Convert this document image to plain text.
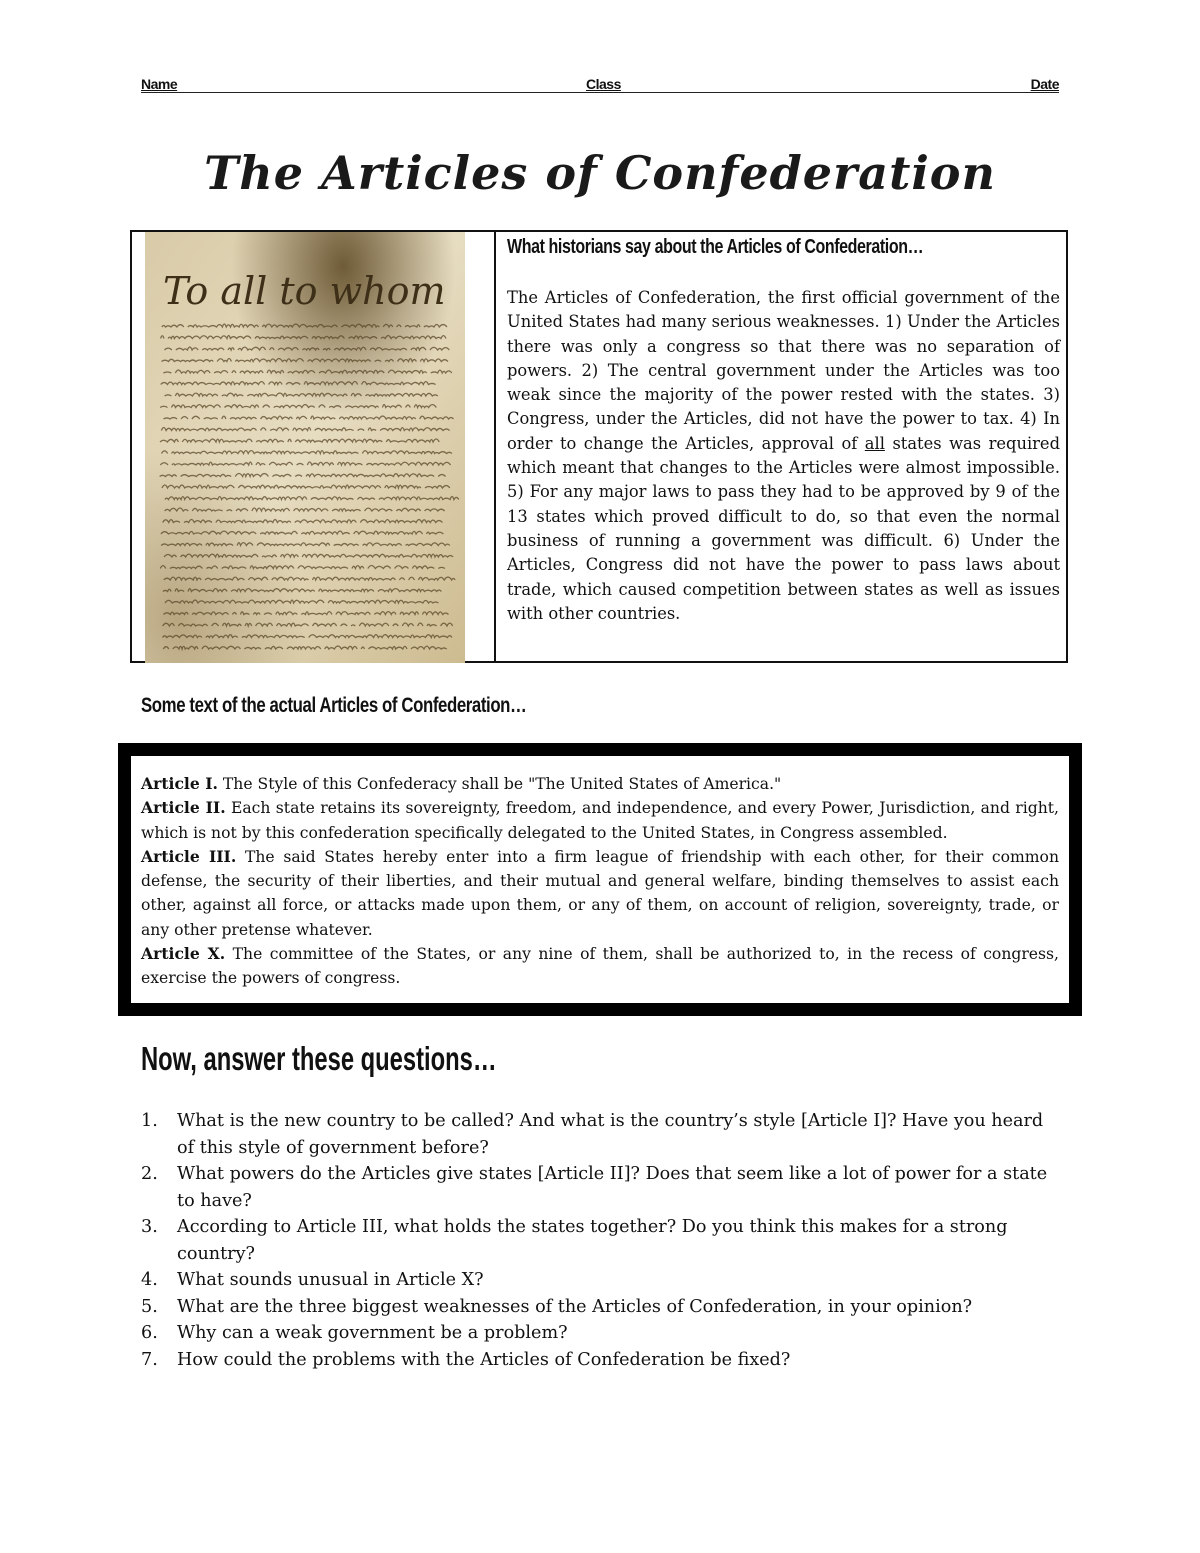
Name	Class	Date
The Articles of Confederation
To all to whom
What historians say about the Articles of Confederation…
The Articles of Confederation, the first official government of the United States had many serious weaknesses. 1) Under the Articles there was only a congress so that there was no separation of powers. 2) The central government under the Articles was too weak since the majority of the power rested with the states. 3) Congress, under the Articles, did not have the power to tax. 4) In order to change the Articles, approval of all states was required which meant that changes to the Articles were almost impossible. 5) For any major laws to pass they had to be approved by 9 of the 13 states which proved difficult to do, so that even the normal business of running a government was difficult. 6) Under the Articles, Congress did not have the power to pass laws about trade, which caused competition between states as well as issues with other countries.
Some text of the actual Articles of Confederation…
Article I. The Style of this Confederacy shall be "The United States of America."
Article II. Each state retains its sovereignty, freedom, and independence, and every Power, Jurisdiction, and right, which is not by this confederation specifically delegated to the United States, in Congress assembled.
Article III. The said States hereby enter into a firm league of friendship with each other, for their common defense, the security of their liberties, and their mutual and general welfare, binding themselves to assist each other, against all force, or attacks made upon them, or any of them, on account of religion, sovereignty, trade, or any other pretense whatever.
Article X. The committee of the States, or any nine of them, shall be authorized to, in the recess of congress, exercise the powers of congress.
Now, answer these questions…
1. What is the new country to be called? And what is the country’s style [Article I]? Have you heard of this style of government before?
2. What powers do the Articles give states [Article II]? Does that seem like a lot of power for a state to have?
3. According to Article III, what holds the states together? Do you think this makes for a strong country?
4. What sounds unusual in Article X?
5. What are the three biggest weaknesses of the Articles of Confederation, in your opinion?
6. Why can a weak government be a problem?
7. How could the problems with the Articles of Confederation be fixed?
